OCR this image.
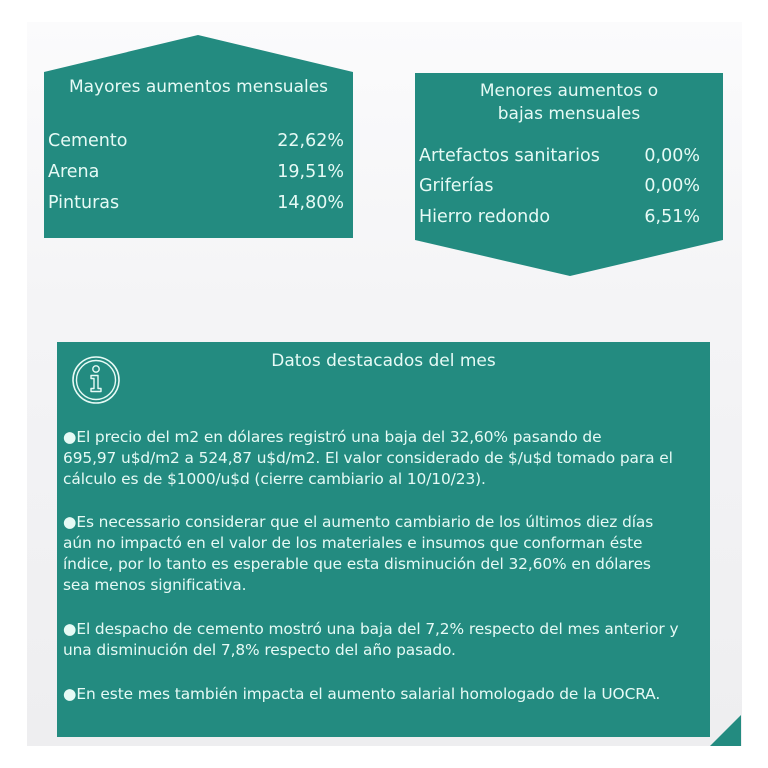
Mayores aumentos mensuales
Cemento	22,62%
Arena	19,51%
Pinturas	14,80%
Menores aumentos o
bajas mensuales
Artefactos sanitarios	0,00%
Griferías	0,00%
Hierro redondo	6,51%
Datos destacados del mes
●El precio del m2 en dólares registró una baja del 32,60% pasando de
695,97 u$d/m2 a 524,87 u$d/m2. El valor considerado de $/u$d tomado para el
cálculo es de $1000/u$d (cierre cambiario al 10/10/23).
●Es necessario considerar que el aumento cambiario de los últimos diez días
aún no impactó en el valor de los materiales e insumos que conforman éste
índice, por lo tanto es esperable que esta disminución del 32,60% en dólares
sea menos significativa.
●El despacho de cemento mostró una baja del 7,2% respecto del mes anterior y
una disminución del 7,8% respecto del año pasado.
●En este mes también impacta el aumento salarial homologado de la UOCRA.
